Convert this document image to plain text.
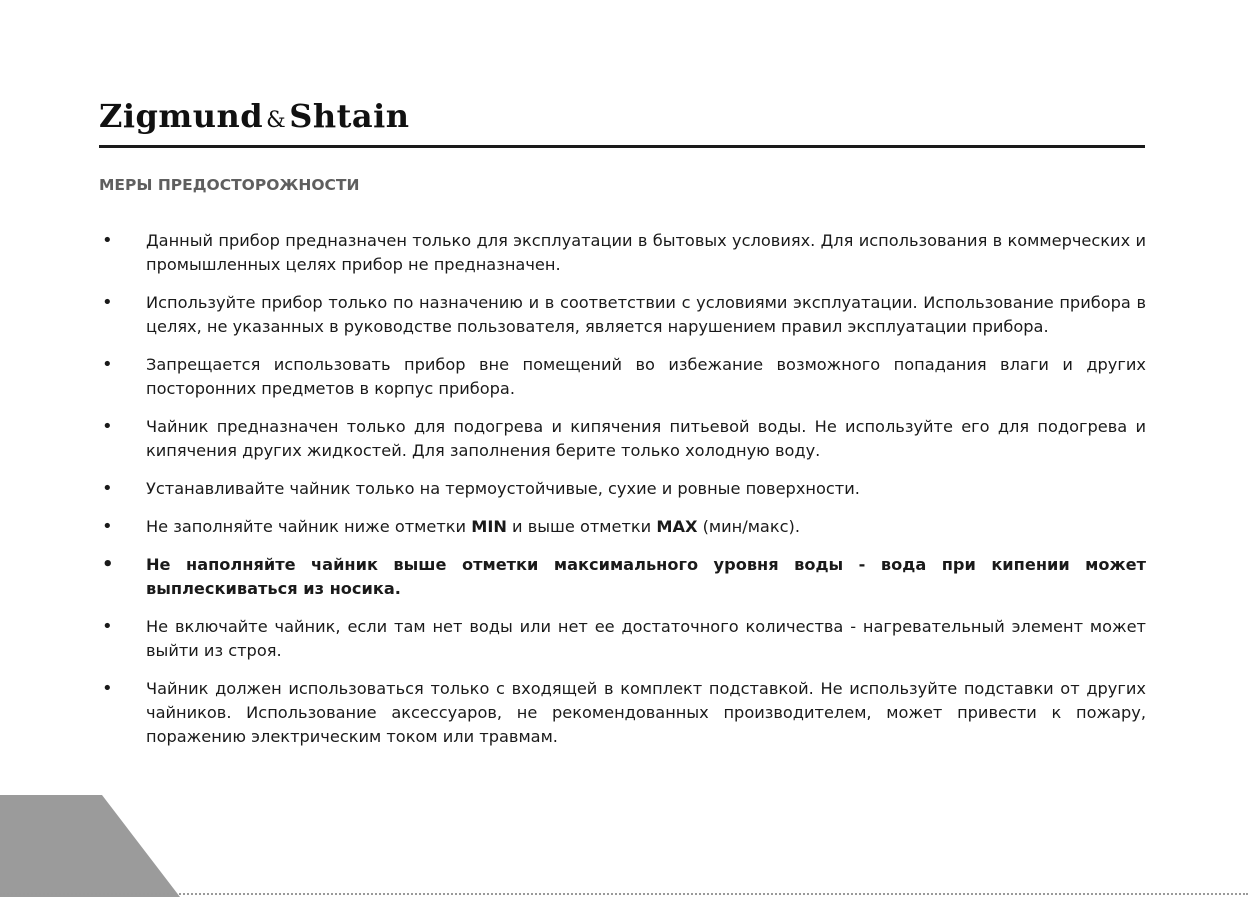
Zigmund &Shtain
МЕРЫ ПРЕДОСТОРОЖНОСТИ
• Данный прибор предназначен только для эксплуатации в бытовых условиях. Для использования в коммерческих и промышленных целях прибор не предназначен.
• Используйте прибор только по назначению и в соответствии с условиями эксплуатации. Использование прибора в целях, не указанных в руководстве пользователя, является нарушением правил эксплуатации прибора.
• Запрещается использовать прибор вне помещений во избежание возможного попадания влаги и других посторонних предметов в корпус прибора.
• Чайник предназначен только для подогрева и кипячения питьевой воды. Не используйте его для подогрева и кипячения других жидкостей. Для заполнения берите только холодную воду.
• Устанавливайте чайник только на термоустойчивые, сухие и ровные поверхности.
• Не заполняйте чайник ниже отметки MIN и выше отметки MAX (мин/макс).
• Не наполняйте чайник выше отметки максимального уровня воды - вода при кипении может выплескиваться из носика.
• Не включайте чайник, если там нет воды или нет ее достаточного количества - нагревательный элемент может выйти из строя.
• Чайник должен использоваться только с входящей в комплект подставкой. Не используйте подставки от других чайников. Использование аксессуаров, не рекомендованных производителем, может привести к пожару, поражению электрическим током или травмам.
